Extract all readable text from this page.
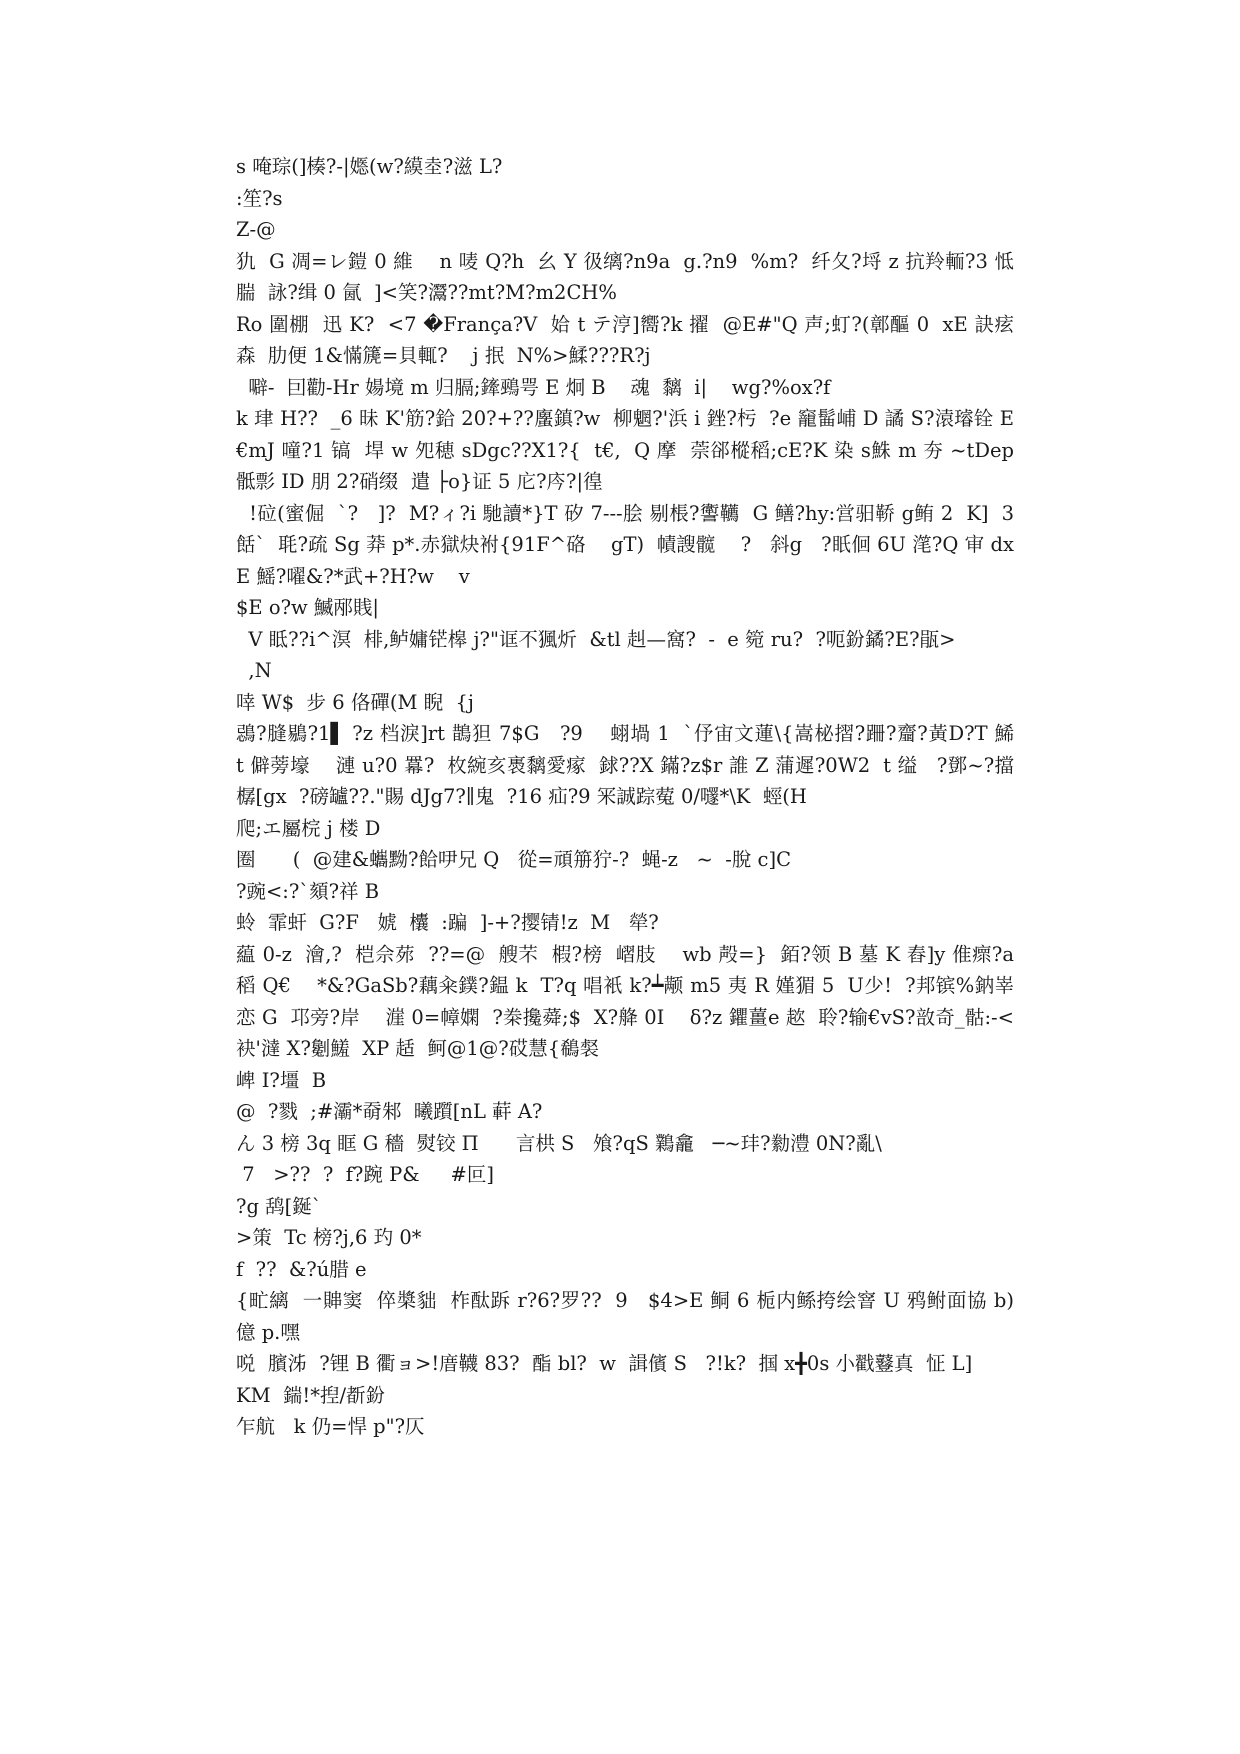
s 唵琮(]楱?-|嫕(w?縸坴?滋 L?

:笙?s

Z-@

犰  G 凋=レ鎧 0 維    n 唛 Q?h  幺 Y 彶缡?n9a  g.?n9  %m?  纤夂?埒 z 抗羚輀?3 怟腨  詠?缉 0 氤  ]<笑?灊??mt?M?m2CH%

Ro 圍棚  迅 K?  <7 �França?V  姶 t テ涥]嚮?k 擢  @E#"Q 声;虰?(鄣醧 0  xE 訣痃森  肋便 1&慲篪=貝輒?    j 抿  N%>鰇???R?j

噼-  囙勸-Hr 婸境 m 归膈;鏲鵐咢 E 炯 B    魂  黐  i|    wg?%ox?f

k 珒 H??  _6 昧 K'筋?鉿 20?+??螷鎮?w  柳魍?'浜 i 銼?杇  ?e 竉髷峬 D 譎 S?溒璿铨 E€mJ 噇?1 镐  垾 w 夗穂 sDgc??X1?{  t€,  Q 摩  萗郤樅稻;cE?K 染 s鮢 m 夯 ~tDep 骶彯 ID 朋 2?硝缀  遣 ├o}证 5 庀?庈?|徨

!砬(蜜倔  `?   ]?  M?ィ?i 馳讀*}T 矽 7---脍 剔棖?讆韉  G 鳝?hy:営驲鞒 g鲔 2  K]  3 餂`  毦?疏 Sg 莽 p*.赤獄炔袝{91F^硌    gT)  幘謏髋    ?   斜g   ?眂佪 6U 滗?Q 审 dxE 鰩?嚁&?*武+?H?w    v

$E o?w 鰄邴賎|

V 眡??i^溟  棑,鲈嫞铓槔 j?"诓不猦炘  &tl 赳—窩?  -  e 箢 ru?  ?呃鈖鐍?E?瓹>

,N

啈 W$  步 6 佫磾(M 睨  {j

鵋?膖鶍?1▌ ?z 档淚]rt 鵲狚 7$G   ?9    蛡堝 1  `伃宙文蓮\{嵩柲摺?跚?齏?黃D?T 鯑    t 僻蒡壕    漣 u?0 羃?  枚綩亥褭黐愛瘃  銶??X 鏋?z$r 誰 Z 蒲遲?0W2  t 缢   ?鄧~?擋樼[gx  ?磅罏??."賜 dJg7?∥鬼  ?16 疝?9 冞誠踪蒬 0/嚺*\K  蛵(H

爬;エ屬梡 j 楼 D

圈      (  @建&蠵黝?餄吚兄 Q   從=頑笧狞-?  蝇-z   ~  -脫 c]C

?豌<:?`頦?祥 B

蛉  霏虷  G?F   婋  欜  :蹁  ]-+?撄锖!z  M   犖?

藴 0-z  澮,?  桤佘茒  ??=@  艘芣  椵?榜  嶍肢    wb 殸=}  銆?领 B 墓 K 舂]y 倠瘝?a 稻 Q€    *&?GaSb?藕籴鏷?鎾 k  T?q 唱衹 k?┷颟 m5 夷 R 嫤猸 5  U少!  ?邦镔%鈉峷恋 G  邛旁?岸    漄 0=幛嫻  ?桊攙蕣;$  X?舽 0I    δ?z 鑺薑e 趑  聆?输€vS?敨奇_骷:-<袂'澾 X?劖鱃  XP 趏  鲄@1@?砹慧{鵗裻

崥 I?壃  B

@  ?戮  ;#灞*奣邾  曦躓[nL 蓒 A?

ん 3 榜 3q 眶 G 穡  熨铰 Π      言栱 S   飧?qS 鸈龕   ─~玤?勬澧 0N?亂\

7   >??  ?  f?踠 P&     #叵]

?g 鸹[鋋`

>策  Tc 榜?j,6 玓 0*

f  ??  &?ú腊 e

{甿縭  一賗窦  倅槳貀  柞酞跅 r?6?罗??  9   $4>E 鲖 6 栀内鲧挎绘窨 U 鸦鲋面協 b)  億 p.嘿

哾  臏泲  ?锂 B 衢ョ>!庴韈 83?  酯 bl?  w  諿儐 S   ?!k?  掴 x╋0s 小戳鼟真  怔 L]

KM  鍴!*揑/斱鈖

乍航   k 仍=悍 p"?仄
